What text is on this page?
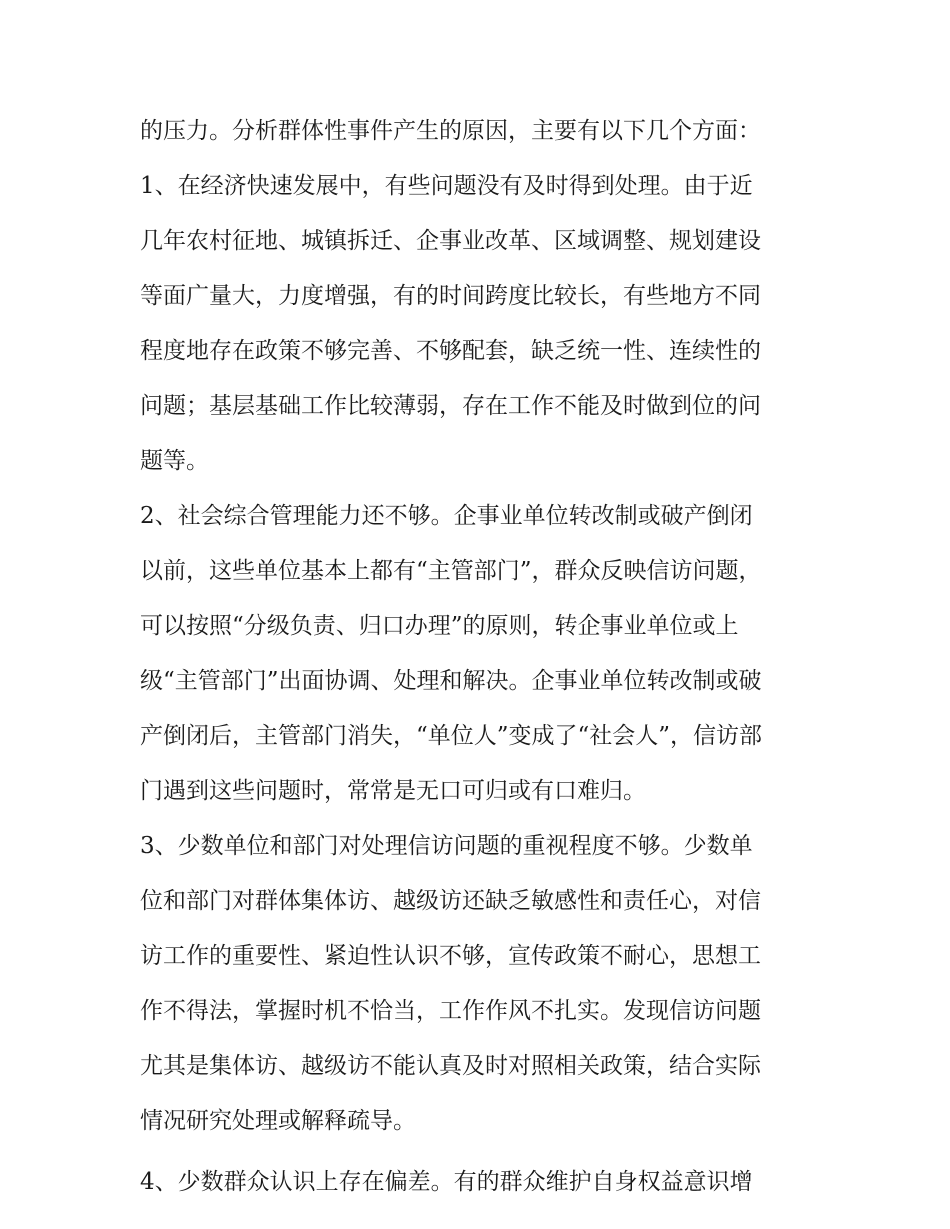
的压力。分析群体性事件产生的原因，主要有以下几个方面：
1、在经济快速发展中，有些问题没有及时得到处理。由于近
几年农村征地、城镇拆迁、企事业改革、区域调整、规划建设
等面广量大，力度增强，有的时间跨度比较长，有些地方不同
程度地存在政策不够完善、不够配套，缺乏统一性、连续性的
问题；基层基础工作比较薄弱，存在工作不能及时做到位的问
题等。
2、社会综合管理能力还不够。企事业单位转改制或破产倒闭
以前，这些单位基本上都有“主管部门”，群众反映信访问题，
可以按照“分级负责、归口办理”的原则，转企事业单位或上
级“主管部门”出面协调、处理和解决。企事业单位转改制或破
产倒闭后，主管部门消失，“单位人”变成了“社会人”，信访部
门遇到这些问题时，常常是无口可归或有口难归。
3、少数单位和部门对处理信访问题的重视程度不够。少数单
位和部门对群体集体访、越级访还缺乏敏感性和责任心，对信
访工作的重要性、紧迫性认识不够，宣传政策不耐心，思想工
作不得法，掌握时机不恰当，工作作风不扎实。发现信访问题
尤其是集体访、越级访不能认真及时对照相关政策，结合实际
情况研究处理或解释疏导。
4、少数群众认识上存在偏差。有的群众维护自身权益意识增
